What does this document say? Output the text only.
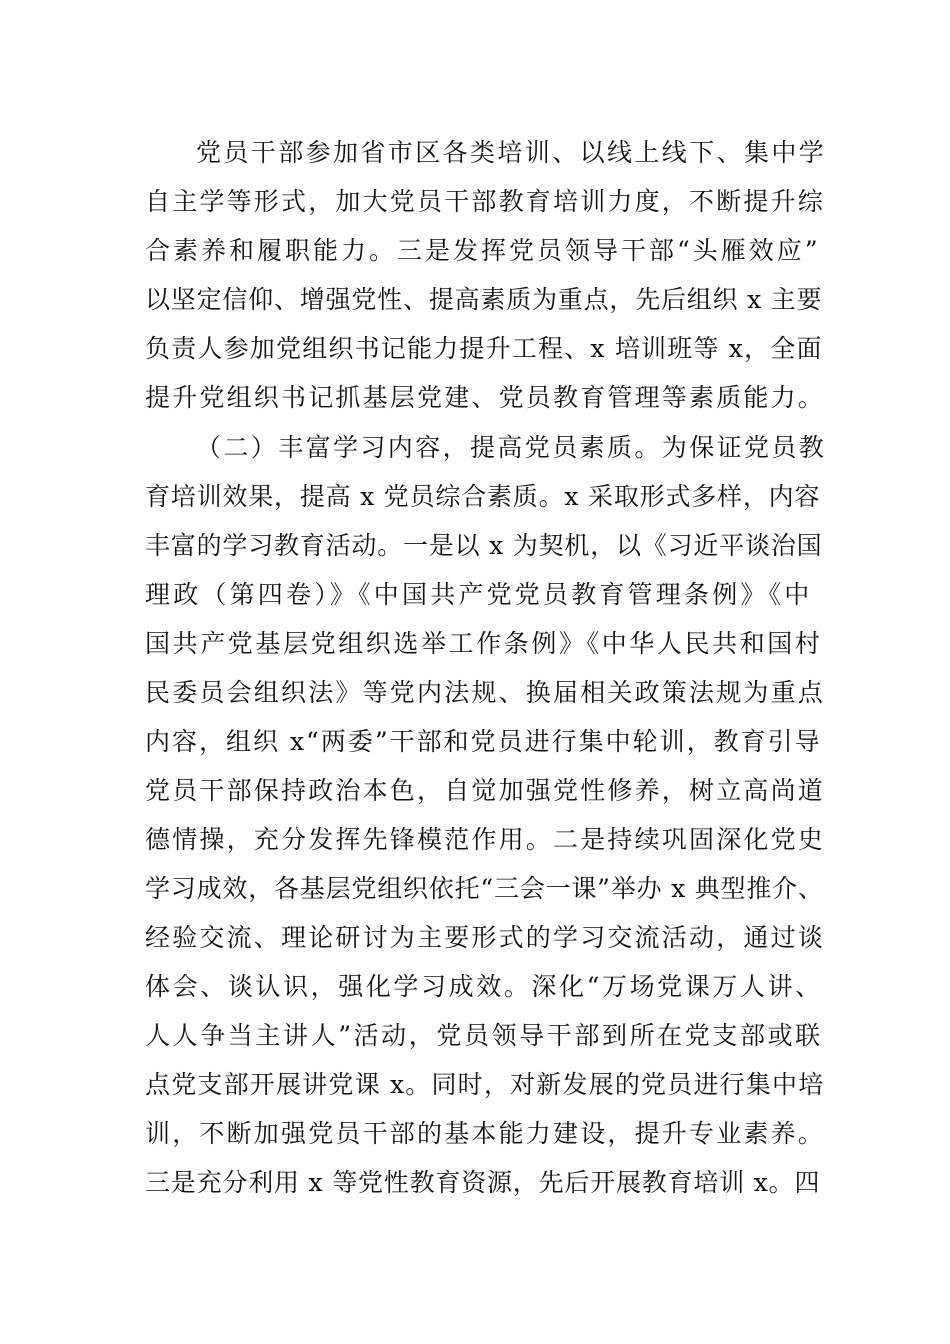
党员干部参加省市区各类培训、以线上线下、集中学
自主学等形式，加大党员干部教育培训力度，不断提升综
合素养和履职能力。三是发挥党员领导干部“头雁效应”
以坚定信仰、增强党性、提高素质为重点，先后组织 x 主要
负责人参加党组织书记能力提升工程、x 培训班等 x，全面
提升党组织书记抓基层党建、党员教育管理等素质能力。
（二）丰富学习内容，提高党员素质。为保证党员教
育培训效果，提高 x 党员综合素质。x 采取形式多样，内容
丰富的学习教育活动。一是以 x 为契机，以《习近平谈治国
理政（第四卷）》《中国共产党党员教育管理条例》《中
国共产党基层党组织选举工作条例》《中华人民共和国村
民委员会组织法》等党内法规、换届相关政策法规为重点
内容，组织 x“两委”干部和党员进行集中轮训，教育引导
党员干部保持政治本色，自觉加强党性修养，树立高尚道
德情操，充分发挥先锋模范作用。二是持续巩固深化党史
学习成效，各基层党组织依托“三会一课”举办 x 典型推介、
经验交流、理论研讨为主要形式的学习交流活动，通过谈
体会、谈认识，强化学习成效。深化“万场党课万人讲、
人人争当主讲人”活动，党员领导干部到所在党支部或联
点党支部开展讲党课 x。同时，对新发展的党员进行集中培
训，不断加强党员干部的基本能力建设，提升专业素养。
三是充分利用 x 等党性教育资源，先后开展教育培训 x。四
